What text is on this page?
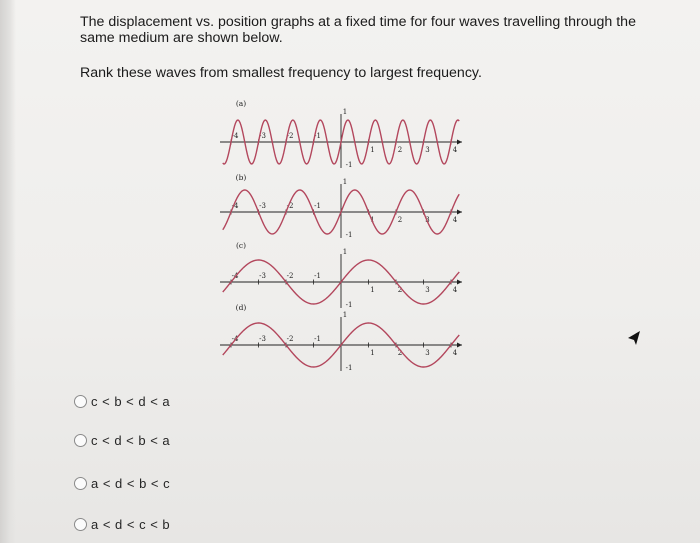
The displacement vs. position graphs at a fixed time for four waves travelling through the same medium are shown below.
Rank these waves from smallest frequency to largest frequency.
(a)
-4	-3	-2	-1
1	2	3	4
1
-1
(b)
-4	-3	-2	-1
1	2	3	4
1
-1
(c)
-4	-3	-2	-1
1	2	3	4
1
-1
(d)
-4	-3	-2	-1
1	2	3	4
1
-1
c < b < d < a
c < d < b < a
a < d < b < c
a < d < c < b
